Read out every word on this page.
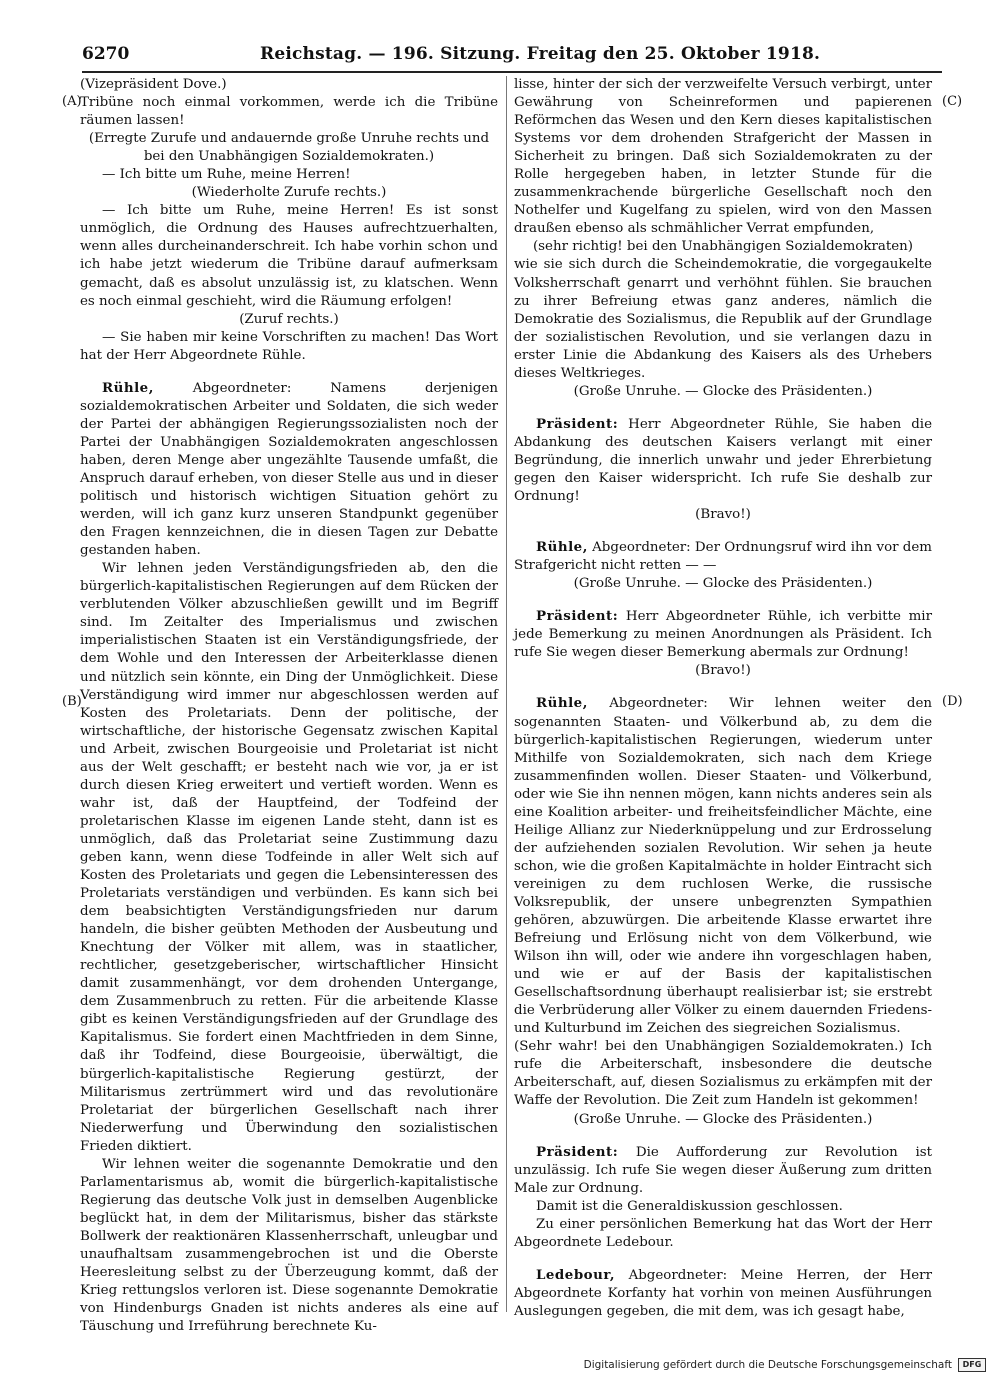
6270	Reichstag. — 196. Sitzung. Freitag den 25. Oktober 1918.
(A)
(B)
(C)
(D)

(Vizepräsident Dove.)

Tribüne noch einmal vorkommen, werde ich die Tribüne räumen lassen!

(Erregte Zurufe und andauernde große Unruhe rechts und bei den Unabhängigen Sozialdemokraten.)

— Ich bitte um Ruhe, meine Herren!

(Wiederholte Zurufe rechts.)

— Ich bitte um Ruhe, meine Herren! Es ist sonst unmöglich, die Ordnung des Hauses aufrechtzuerhalten, wenn alles durcheinanderschreit. Ich habe vorhin schon und ich habe jetzt wiederum die Tribüne darauf aufmerksam gemacht, daß es absolut unzulässig ist, zu klatschen. Wenn es noch einmal geschieht, wird die Räumung erfolgen!

(Zuruf rechts.)

— Sie haben mir keine Vorschriften zu machen! Das Wort hat der Herr Abgeordnete Rühle.

Rühle, Abgeordneter: Namens derjenigen sozialdemokratischen Arbeiter und Soldaten, die sich weder der Partei der abhängigen Regierungssozialisten noch der Partei der Unabhängigen Sozialdemokraten angeschlossen haben, deren Menge aber ungezählte Tausende umfaßt, die Anspruch darauf erheben, von dieser Stelle aus und in dieser politisch und historisch wichtigen Situation gehört zu werden, will ich ganz kurz unseren Standpunkt gegenüber den Fragen kennzeichnen, die in diesen Tagen zur Debatte gestanden haben.

Wir lehnen jeden Verständigungsfrieden ab, den die bürgerlich-kapitalistischen Regierungen auf dem Rücken der verblutenden Völker abzuschließen gewillt und im Begriff sind. Im Zeitalter des Imperialismus und zwischen imperialistischen Staaten ist ein Verständigungsfriede, der dem Wohle und den Interessen der Arbeiterklasse dienen und nützlich sein könnte, ein Ding der Unmöglichkeit. Diese Verständigung wird immer nur abgeschlossen werden auf Kosten des Proletariats. Denn der politische, der wirtschaftliche, der historische Gegensatz zwischen Kapital und Arbeit, zwischen Bourgeoisie und Proletariat ist nicht aus der Welt geschafft; er besteht nach wie vor, ja er ist durch diesen Krieg erweitert und vertieft worden. Wenn es wahr ist, daß der Hauptfeind, der Todfeind der proletarischen Klasse im eigenen Lande steht, dann ist es unmöglich, daß das Proletariat seine Zustimmung dazu geben kann, wenn diese Todfeinde in aller Welt sich auf Kosten des Proletariats und gegen die Lebensinteressen des Proletariats verständigen und verbünden. Es kann sich bei dem beabsichtigten Verständigungsfrieden nur darum handeln, die bisher geübten Methoden der Ausbeutung und Knechtung der Völker mit allem, was in staatlicher, rechtlicher, gesetzgeberischer, wirtschaftlicher Hinsicht damit zusammenhängt, vor dem drohenden Untergange, dem Zusammenbruch zu retten. Für die arbeitende Klasse gibt es keinen Verständigungsfrieden auf der Grundlage des Kapitalismus. Sie fordert einen Machtfrieden in dem Sinne, daß ihr Todfeind, diese Bourgeoisie, überwältigt, die bürgerlich-kapitalistische Regierung gestürzt, der Militarismus zertrümmert wird und das revolutionäre Proletariat der bürgerlichen Gesellschaft nach ihrer Niederwerfung und Überwindung den sozialistischen Frieden diktiert.

Wir lehnen weiter die sogenannte Demokratie und den Parlamentarismus ab, womit die bürgerlich-kapitalistische Regierung das deutsche Volk just in demselben Augenblicke beglückt hat, in dem der Militarismus, bisher das stärkste Bollwerk der reaktionären Klassenherrschaft, unleugbar und unaufhaltsam zusammengebrochen ist und die Oberste Heeresleitung selbst zu der Überzeugung kommt, daß der Krieg rettungslos verloren ist. Diese sogenannte Demokratie von Hindenburgs Gnaden ist nichts anderes als eine auf Täuschung und Irreführung berechnete Ku-

lisse, hinter der sich der verzweifelte Versuch verbirgt, unter Gewährung von Scheinreformen und papierenen Reförmchen das Wesen und den Kern dieses kapitalistischen Systems vor dem drohenden Strafgericht der Massen in Sicherheit zu bringen. Daß sich Sozialdemokraten zu der Rolle hergegeben haben, in letzter Stunde für die zusammenkrachende bürgerliche Gesellschaft noch den Nothelfer und Kugelfang zu spielen, wird von den Massen draußen ebenso als schmählicher Verrat empfunden,

(sehr richtig! bei den Unabhängigen Sozialdemokraten)

wie sie sich durch die Scheindemokratie, die vorgegaukelte Volksherrschaft genarrt und verhöhnt fühlen. Sie brauchen zu ihrer Befreiung etwas ganz anderes, nämlich die Demokratie des Sozialismus, die Republik auf der Grundlage der sozialistischen Revolution, und sie verlangen dazu in erster Linie die Abdankung des Kaisers als des Urhebers dieses Weltkrieges.

(Große Unruhe. — Glocke des Präsidenten.)

Präsident: Herr Abgeordneter Rühle, Sie haben die Abdankung des deutschen Kaisers verlangt mit einer Begründung, die innerlich unwahr und jeder Ehrerbietung gegen den Kaiser widerspricht. Ich rufe Sie deshalb zur Ordnung!

(Bravo!)

Rühle, Abgeordneter: Der Ordnungsruf wird ihn vor dem Strafgericht nicht retten — —

(Große Unruhe. — Glocke des Präsidenten.)

Präsident: Herr Abgeordneter Rühle, ich verbitte mir jede Bemerkung zu meinen Anordnungen als Präsident. Ich rufe Sie wegen dieser Bemerkung abermals zur Ordnung!

(Bravo!)

Rühle, Abgeordneter: Wir lehnen weiter den sogenannten Staaten- und Völkerbund ab, zu dem die bürgerlich-kapitalistischen Regierungen, wiederum unter Mithilfe von Sozialdemokraten, sich nach dem Kriege zusammenfinden wollen. Dieser Staaten- und Völkerbund, oder wie Sie ihn nennen mögen, kann nichts anderes sein als eine Koalition arbeiter- und freiheitsfeindlicher Mächte, eine Heilige Allianz zur Niederknüppelung und zur Erdrosselung der aufziehenden sozialen Revolution. Wir sehen ja heute schon, wie die großen Kapitalmächte in holder Eintracht sich vereinigen zu dem ruchlosen Werke, die russische Volksrepublik, der unsere unbegrenzten Sympathien gehören, abzuwürgen. Die arbeitende Klasse erwartet ihre Befreiung und Erlösung nicht von dem Völkerbund, wie Wilson ihn will, oder wie andere ihn vorgeschlagen haben, und wie er auf der Basis der kapitalistischen Gesellschaftsordnung überhaupt realisierbar ist; sie erstrebt die Verbrüderung aller Völker zu einem dauernden Friedens- und Kulturbund im Zeichen des siegreichen Sozialismus.

(Sehr wahr! bei den Unabhängigen Sozialdemokraten.) Ich rufe die Arbeiterschaft, insbesondere die deutsche Arbeiterschaft, auf, diesen Sozialismus zu erkämpfen mit der Waffe der Revolution. Die Zeit zum Handeln ist gekommen!

(Große Unruhe. — Glocke des Präsidenten.)

Präsident: Die Aufforderung zur Revolution ist unzulässig. Ich rufe Sie wegen dieser Äußerung zum dritten Male zur Ordnung.

Damit ist die Generaldiskussion geschlossen.

Zu einer persönlichen Bemerkung hat das Wort der Herr Abgeordnete Ledebour.

Ledebour, Abgeordneter: Meine Herren, der Herr Abgeordnete Korfanty hat vorhin von meinen Ausführungen Auslegungen gegeben, die mit dem, was ich gesagt habe,

Digitalisierung gefördert durch die Deutsche Forschungsgemeinschaft	DFG
